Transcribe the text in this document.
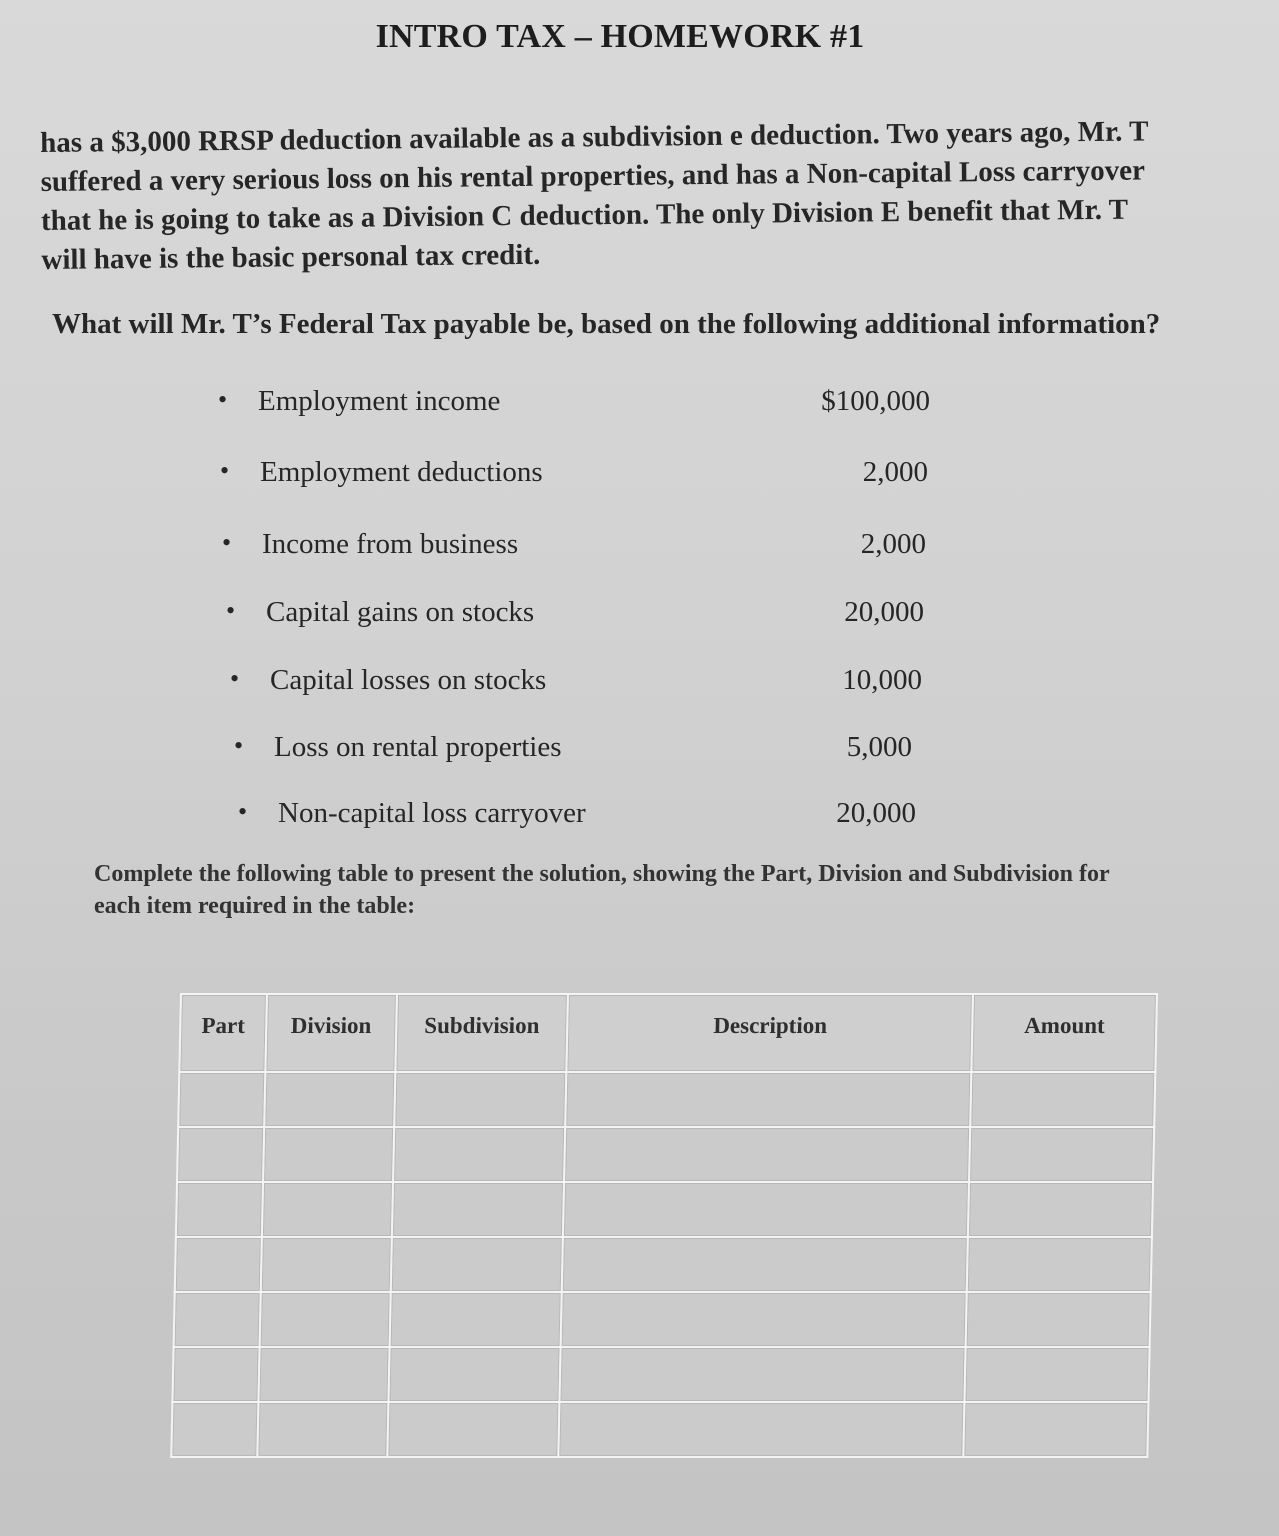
INTRO TAX – HOMEWORK #1

has a $3,000 RRSP deduction available as a subdivision e deduction. Two years ago, Mr. T

suffered a very serious loss on his rental properties, and has a Non-capital Loss carryover

that he is going to take as a Division C deduction. The only Division E benefit that Mr. T

will have is the basic personal tax credit.

What will Mr. T’s Federal Tax payable be, based on the following additional information?
• Employment income	$100,000
• Employment deductions	2,000
• Income from business	2,000
• Capital gains on stocks	20,000
• Capital losses on stocks	10,000
• Loss on rental properties	5,000
• Non-capital loss carryover	20,000
Complete the following table to present the solution, showing the Part, Division and Subdivision for each item required in the table:
Part	Division	Subdivision	Description	Amount
